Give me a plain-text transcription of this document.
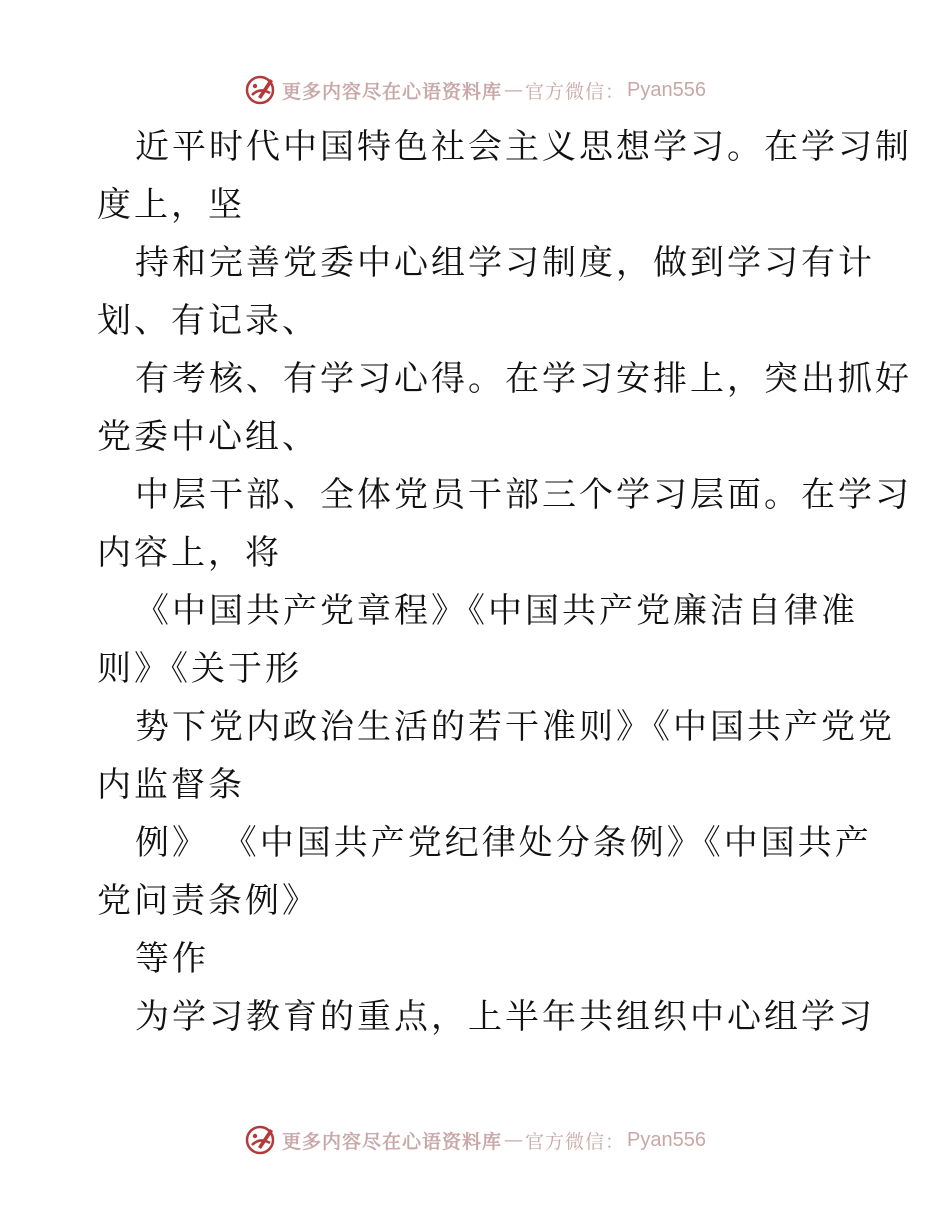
更多内容尽在心语资料库 — 官方微信： Pyan556
近平时代中国特色社会主义思想学习。在学习制
度上，坚
持和完善党委中心组学习制度，做到学习有计
划、有记录、
有考核、有学习心得。在学习安排上，突出抓好
党委中心组、
中层干部、全体党员干部三个学习层面。在学习
内容上，将
《中国共产党章程》《中国共产党廉洁自律准
则》《关于形
势下党内政治生活的若干准则》《中国共产党党
内监督条
例》 《中国共产党纪律处分条例》《中国共产
党问责条例》
等作
为学习教育的重点，上半年共组织中心组学习
更多内容尽在心语资料库 — 官方微信： Pyan556
